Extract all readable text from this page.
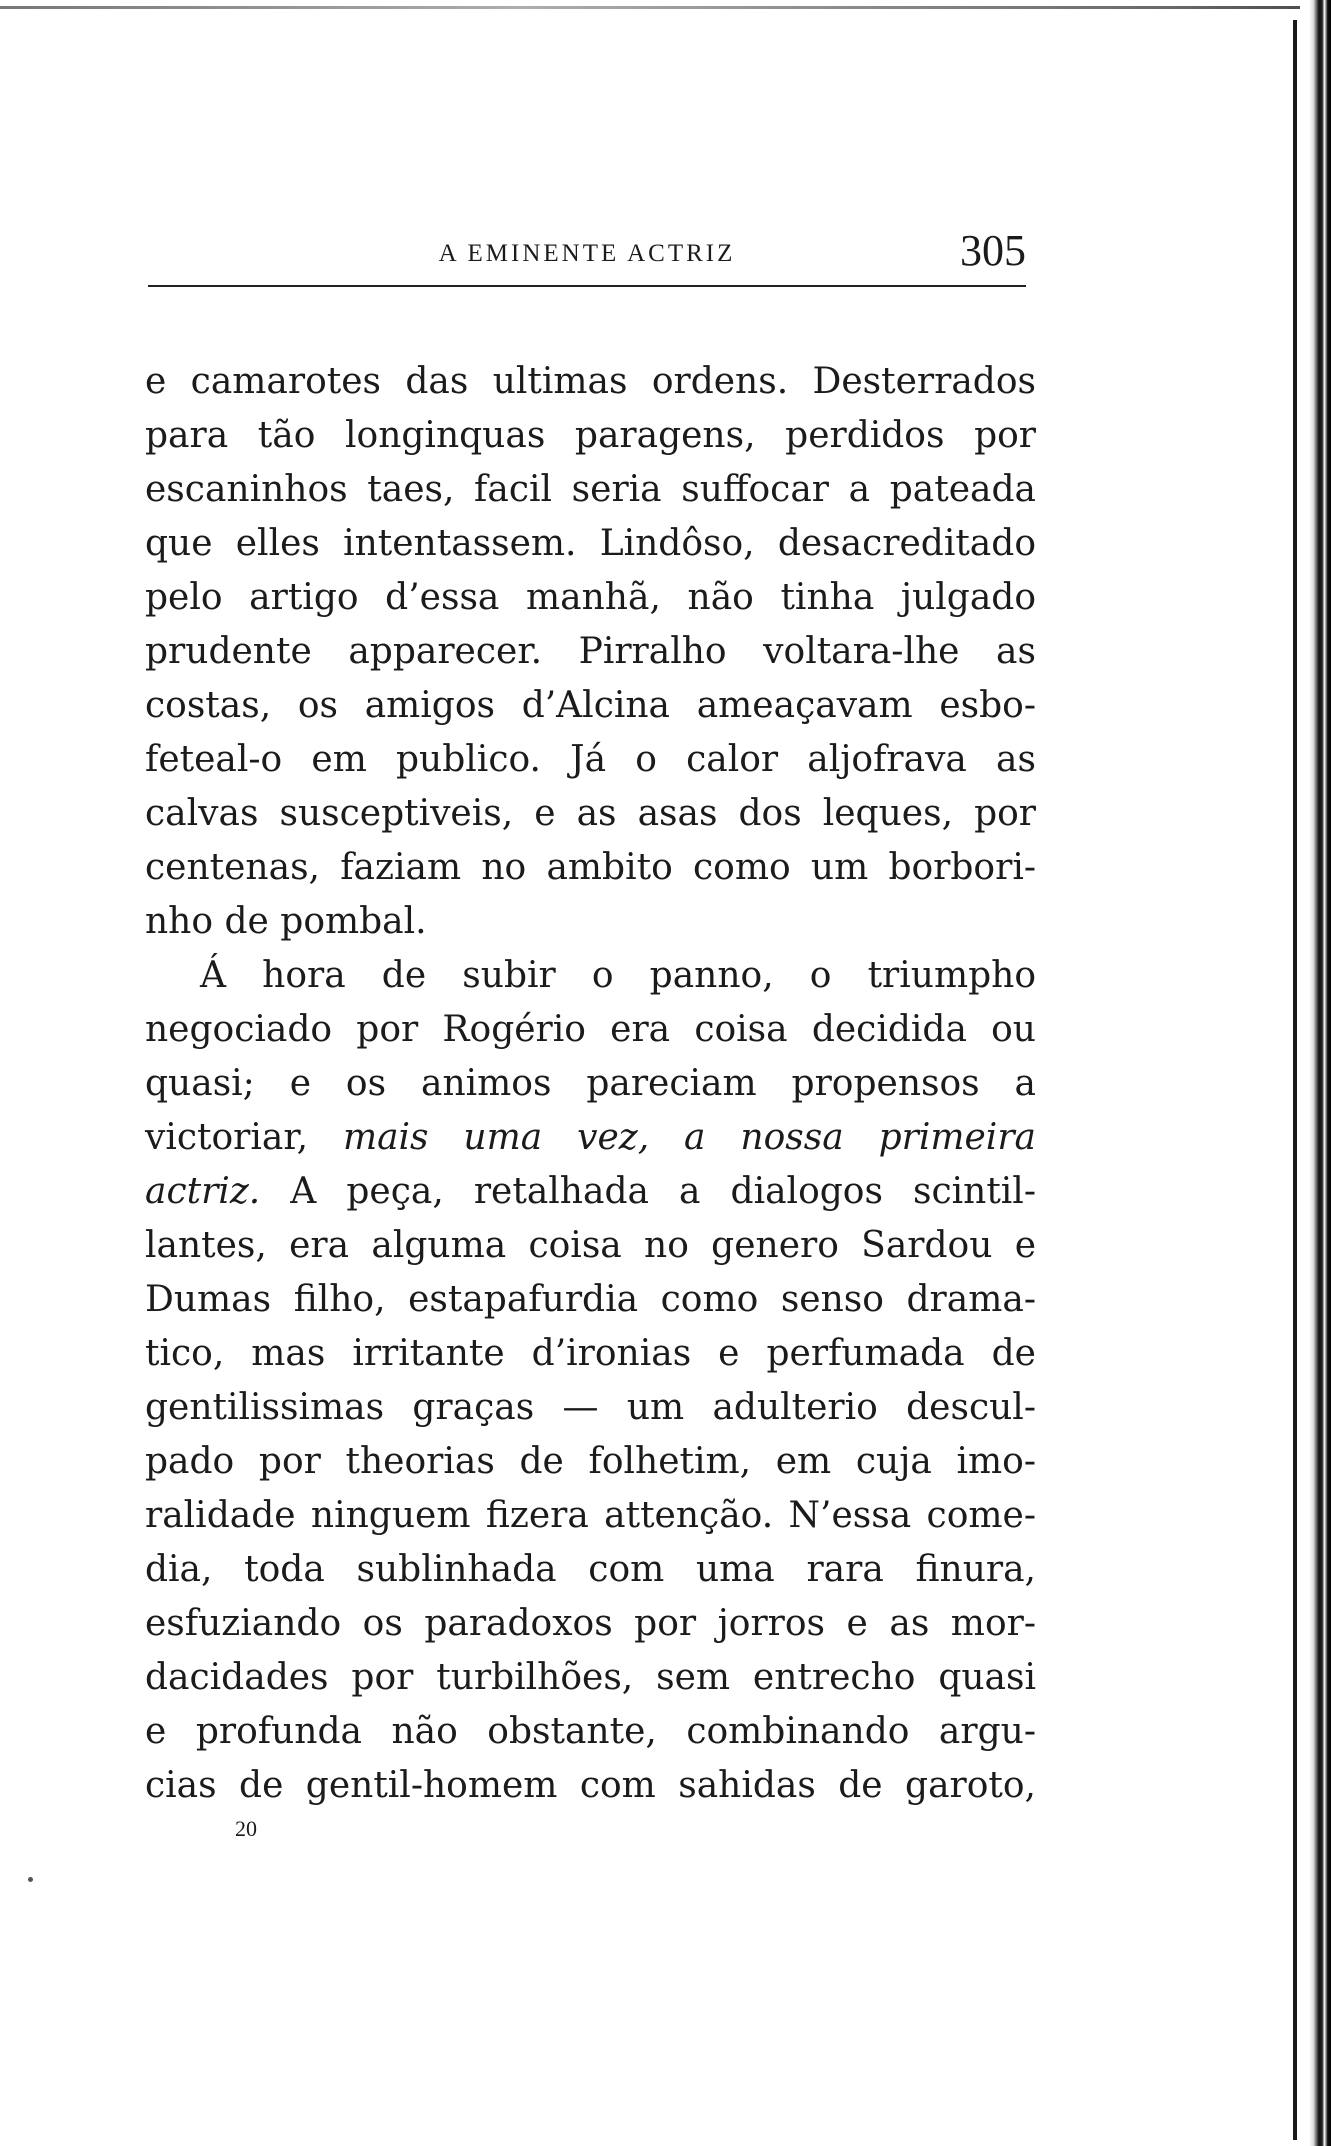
A EMINENTE ACTRIZ	305
e camarotes das ultimas ordens. Desterrados
para tão longinquas paragens, perdidos por
escaninhos taes, facil seria suffocar a pateada
que elles intentassem. Lindôso, desacreditado
pelo artigo d’essa manhã, não tinha julgado
prudente apparecer. Pirralho voltara-lhe as
costas, os amigos d’Alcina ameaçavam esbo-
feteal-o em publico. Já o calor aljofrava as
calvas susceptiveis, e as asas dos leques, por
centenas, faziam no ambito como um borbori-
nho de pombal.
Á hora de subir o panno, o triumpho
negociado por Rogério era coisa decidida ou
quasi; e os animos pareciam propensos a
victoriar, mais uma vez, a nossa primeira
actriz. A peça, retalhada a dialogos scintil-
lantes, era alguma coisa no genero Sardou e
Dumas filho, estapafurdia como senso drama-
tico, mas irritante d’ironias e perfumada de
gentilissimas graças — um adulterio descul-
pado por theorias de folhetim, em cuja imo-
ralidade ninguem fizera attenção. N’essa come-
dia, toda sublinhada com uma rara finura,
esfuziando os paradoxos por jorros e as mor-
dacidades por turbilhões, sem entrecho quasi
e profunda não obstante, combinando argu-
cias de gentil-homem com sahidas de garoto,
20
